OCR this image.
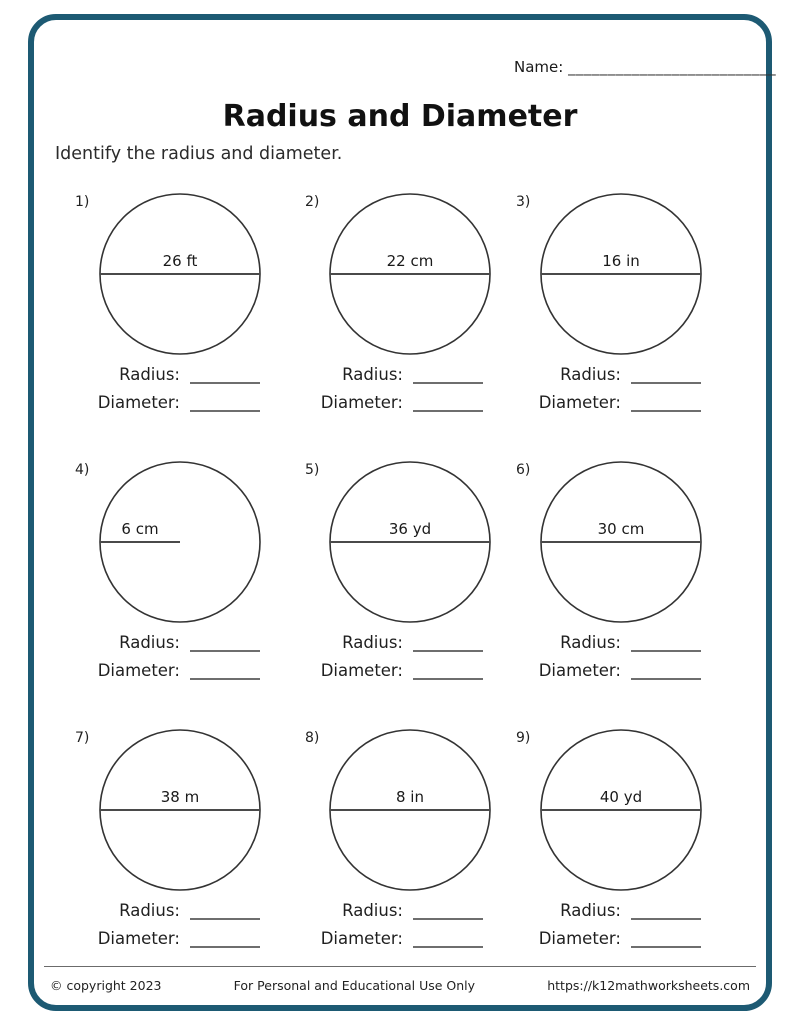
Name: __________________________
Radius and Diameter
Identify the radius and diameter.
1)
26 ft
Radius:
Diameter:
2)
22 cm
Radius:
Diameter:
3)
16 in
Radius:
Diameter:
4)
6 cm
Radius:
Diameter:
5)
36 yd
Radius:
Diameter:
6)
30 cm
Radius:
Diameter:
7)
38 m
Radius:
Diameter:
8)
8 in
Radius:
Diameter:
9)
40 yd
Radius:
Diameter:
© copyright 2023	For Personal and Educational Use Only	https://k12mathworksheets.com
